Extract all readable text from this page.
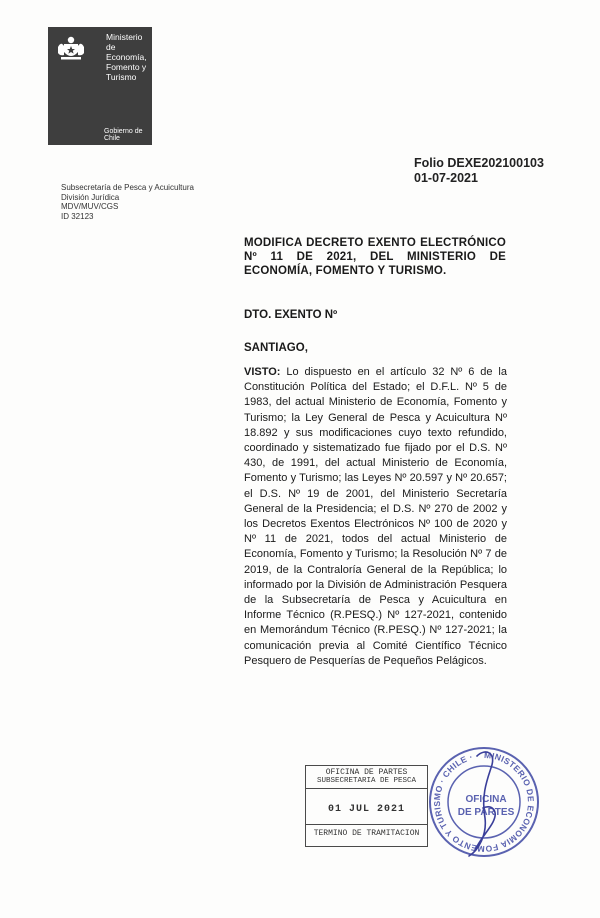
Ministerio de
Economía,
Fomento y
Turismo
Gobierno de Chile
Folio DEXE202100103
01-07-2021
Subsecretaría de Pesca y Acuicultura
División Jurídica
MDV/MUV/CGS
ID 32123
MODIFICA DECRETO EXENTO ELECTRÓNICO Nº 11 DE 2021, DEL MINISTERIO DE ECONOMÍA, FOMENTO Y TURISMO.
DTO. EXENTO Nº
SANTIAGO,
VISTO: Lo dispuesto en el artículo 32 Nº 6 de la Constitución Política del Estado; el D.F.L. Nº 5 de 1983, del actual Ministerio de Economía, Fomento y Turismo; la Ley General de Pesca y Acuicultura Nº 18.892 y sus modificaciones cuyo texto refundido, coordinado y sistematizado fue fijado por el D.S. Nº 430, de 1991, del actual Ministerio de Economía, Fomento y Turismo; las Leyes Nº 20.597 y Nº 20.657; el D.S. Nº 19 de 2001, del Ministerio Secretaría General de la Presidencia; el D.S. Nº 270 de 2002 y los Decretos Exentos Electrónicos Nº 100 de 2020 y Nº 11 de 2021, todos del actual Ministerio de Economía, Fomento y Turismo; la Resolución Nº 7 de 2019, de la Contraloría General de la República; lo informado por la División de Administración Pesquera de la Subsecretaría de Pesca y Acuicultura en Informe Técnico (R.PESQ.) Nº 127-2021, contenido en Memorándum Técnico (R.PESQ.) Nº 127-2021; la comunicación previa al Comité Científico Técnico Pesquero de Pesquerías de Pequeños Pelágicos.
OFICINA DE PARTES
SUBSECRETARIA DE PESCA
01 JUL 2021
TERMINO DE TRAMITACION
MINISTERIO DE ECONOMIA FOMENTO Y TURISMO · CHILE ·
OFICINA
DE PARTES
